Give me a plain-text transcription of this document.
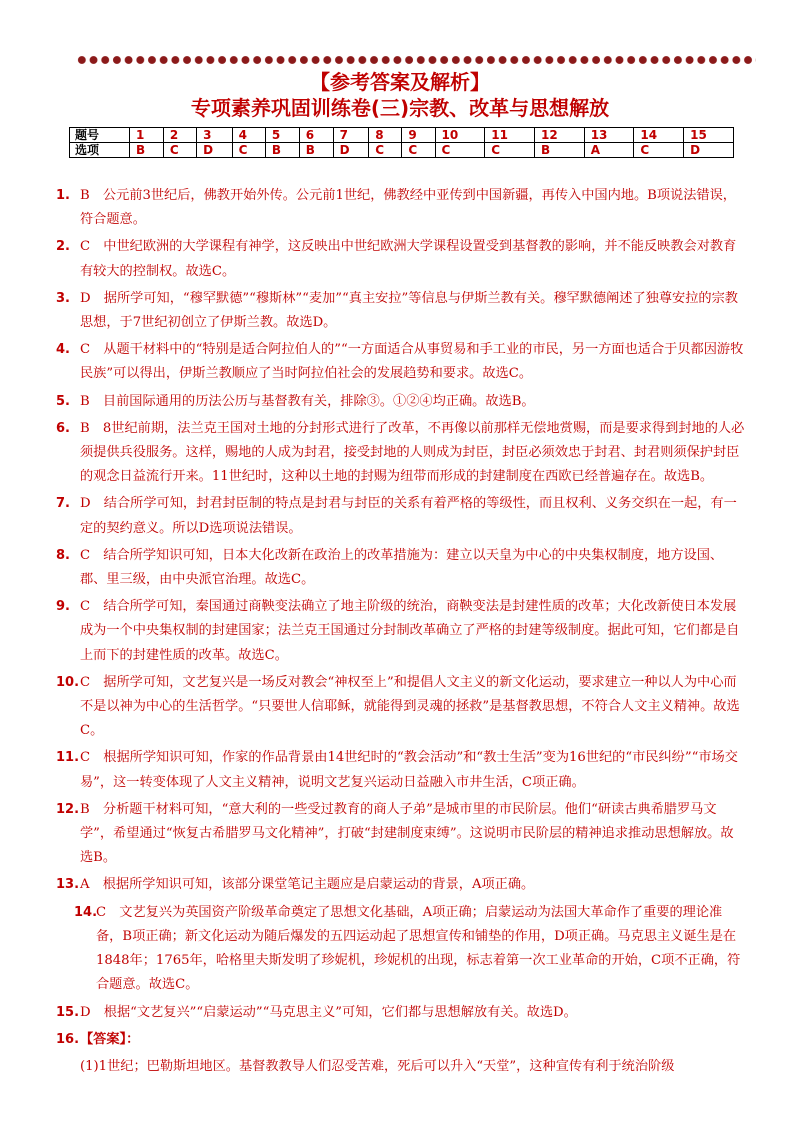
【参考答案及解析】
专项素养巩固训练卷(三)宗教、改革与思想解放
题号	1	2	3	4	5	6	7	8	9	10	11	12	13	14	15
选项	B	C	D	C	B	B	D	C	C	C	C	B	A	C	D
1. B　公元前3世纪后，佛教开始外传。公元前1世纪，佛教经中亚传到中国新疆，再传入中国内地。B项说法错误，符合题意。
2. C　中世纪欧洲的大学课程有神学，这反映出中世纪欧洲大学课程设置受到基督教的影响，并不能反映教会对教育有较大的控制权。故选C。
3. D　据所学可知，“穆罕默德”“穆斯林”“麦加”“真主安拉”等信息与伊斯兰教有关。穆罕默德阐述了独尊安拉的宗教思想，于7世纪初创立了伊斯兰教。故选D。
4. C　从题干材料中的“特别是适合阿拉伯人的”“一方面适合从事贸易和手工业的市民，另一方面也适合于贝都因游牧民族”可以得出，伊斯兰教顺应了当时阿拉伯社会的发展趋势和要求。故选C。
5. B　目前国际通用的历法公历与基督教有关，排除③。①②④均正确。故选B。
6. B　8世纪前期，法兰克王国对土地的分封形式进行了改革，不再像以前那样无偿地赏赐，而是要求得到封地的人必须提供兵役服务。这样，赐地的人成为封君，接受封地的人则成为封臣，封臣必须效忠于封君、封君则须保护封臣的观念日益流行开来。11世纪时，这种以土地的封赐为纽带而形成的封建制度在西欧已经普遍存在。故选B。
7. D　结合所学可知，封君封臣制的特点是封君与封臣的关系有着严格的等级性，而且权利、义务交织在一起，有一定的契约意义。所以D选项说法错误。
8. C　结合所学知识可知，日本大化改新在政治上的改革措施为：建立以天皇为中心的中央集权制度，地方设国、郡、里三级，由中央派官治理。故选C。
9. C　结合所学可知，秦国通过商鞅变法确立了地主阶级的统治，商鞅变法是封建性质的改革；大化改新使日本发展成为一个中央集权制的封建国家；法兰克王国通过分封制改革确立了严格的封建等级制度。据此可知，它们都是自上而下的封建性质的改革。故选C。
10. C　据所学可知，文艺复兴是一场反对教会“神权至上”和提倡人文主义的新文化运动，要求建立一种以人为中心而不是以神为中心的生活哲学。“只要世人信耶稣，就能得到灵魂的拯救”是基督教思想，不符合人文主义精神。故选C。
11. C　根据所学知识可知，作家的作品背景由14世纪时的“教会活动”和“教士生活”变为16世纪的“市民纠纷”“市场交易”，这一转变体现了人文主义精神，说明文艺复兴运动日益融入市井生活，C项正确。
12. B　分析题干材料可知，“意大利的一些受过教育的商人子弟”是城市里的市民阶层。他们“研读古典希腊罗马文学”，希望通过“恢复古希腊罗马文化精神”，打破“封建制度束缚”。这说明市民阶层的精神追求推动思想解放。故选B。
13. A　根据所学知识可知，该部分课堂笔记主题应是启蒙运动的背景，A项正确。
14.
C　文艺复兴为英国资产阶级革命奠定了思想文化基础，A项正确；启蒙运动为法国大革命作了重要的理论准备，B项正确；新文化运动为随后爆发的五四运动起了思想宣传和铺垫的作用，D项正确。马克思主义诞生是在1848年；1765年，哈格里夫斯发明了珍妮机，珍妮机的出现，标志着第一次工业革命的开始，C项不正确，符合题意。故选C。
15. D　根据“文艺复兴”“启蒙运动”“马克思主义”可知，它们都与思想解放有关。故选D。
16. 【答案】：
(1)1世纪；巴勒斯坦地区。基督教教导人们忍受苦难，死后可以升入“天堂”，这种宣传有利于统治阶级
